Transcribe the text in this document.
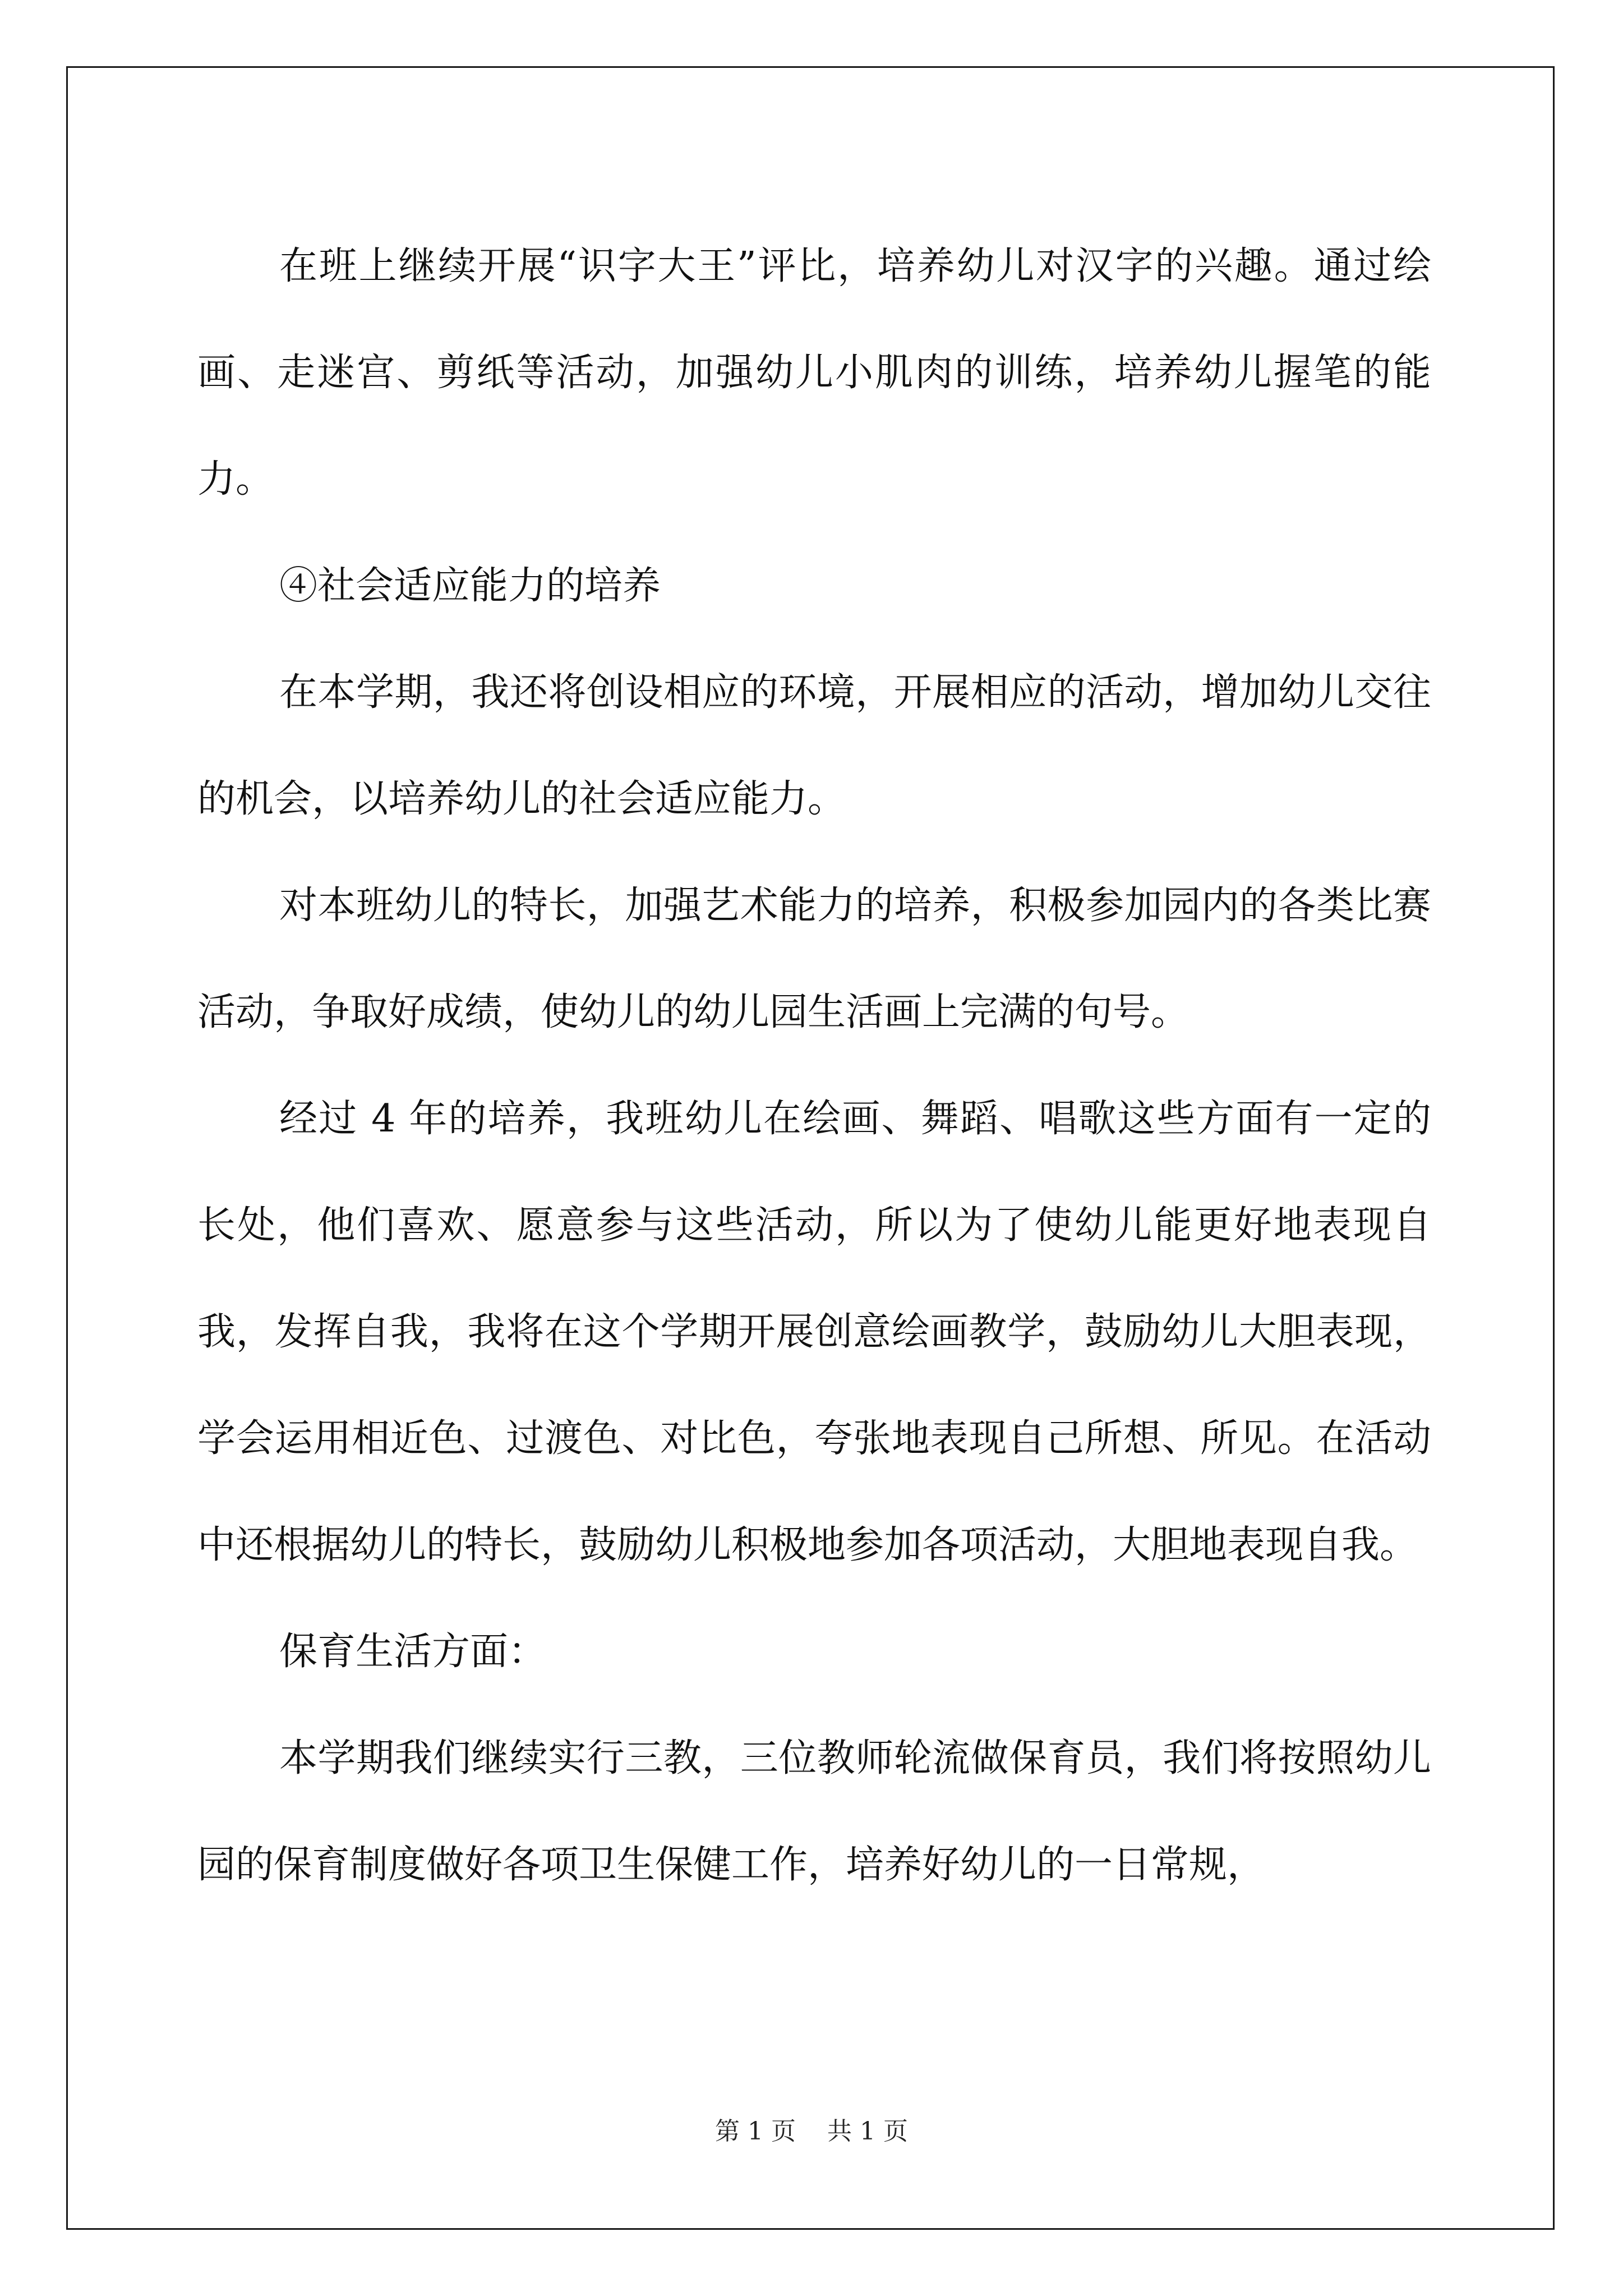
在班上继续开展“识字大王”评比，培养幼儿对汉字的兴趣。通过绘画、走迷宫、剪纸等活动，加强幼儿小肌肉的训练，培养幼儿握笔的能力。

④社会适应能力的培养

在本学期，我还将创设相应的环境，开展相应的活动，增加幼儿交往的机会，以培养幼儿的社会适应能力。

对本班幼儿的特长，加强艺术能力的培养，积极参加园内的各类比赛活动，争取好成绩，使幼儿的幼儿园生活画上完满的句号。

经过 4 年的培养，我班幼儿在绘画、舞蹈、唱歌这些方面有一定的长处，他们喜欢、愿意参与这些活动，所以为了使幼儿能更好地表现自我，发挥自我，我将在这个学期开展创意绘画教学，鼓励幼儿大胆表现，学会运用相近色、过渡色、对比色，夸张地表现自己所想、所见。在活动中还根据幼儿的特长，鼓励幼儿积极地参加各项活动，大胆地表现自我。

保育生活方面：

本学期我们继续实行三教，三位教师轮流做保育员，我们将按照幼儿园的保育制度做好各项卫生保健工作，培养好幼儿的一日常规，

第 1 页 共 1 页
